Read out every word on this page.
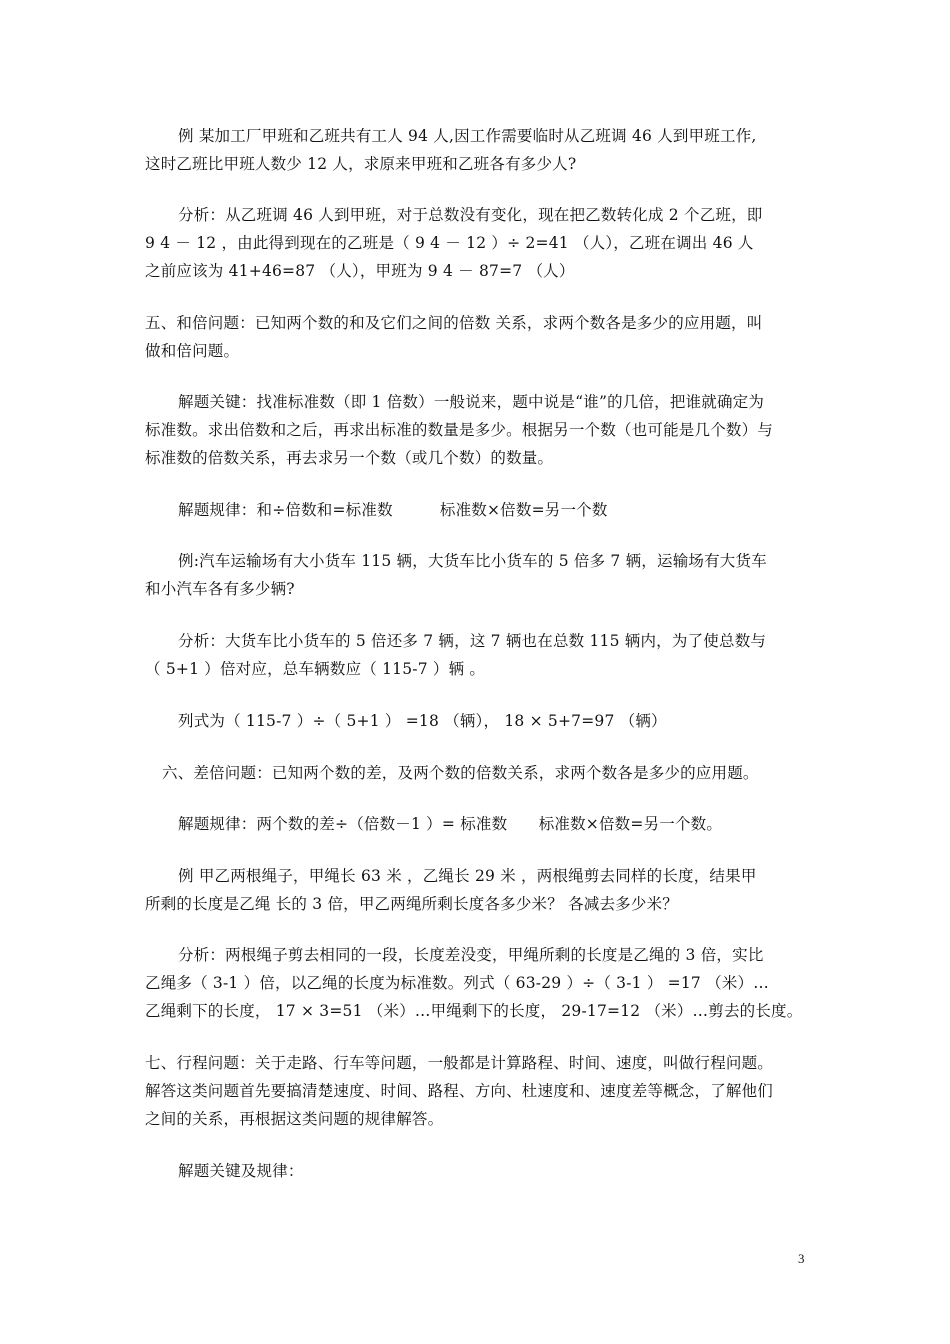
例 某加工厂甲班和乙班共有工人 94 人,因工作需要临时从乙班调 46 人到甲班工作,
这时乙班比甲班人数少 12 人，求原来甲班和乙班各有多少人?
分析：从乙班调 46 人到甲班，对于总数没有变化，现在把乙数转化成 2 个乙班，即
9 4 － 12 ，由此得到现在的乙班是（ 9 4 － 12 ）÷ 2=41 （人），乙班在调出 46 人
之前应该为 41+46=87 （人），甲班为 9 4 － 87=7 （人）
五、和倍问题：已知两个数的和及它们之间的倍数 关系，求两个数各是多少的应用题，叫
做和倍问题。
解题关键：找准标准数（即 1 倍数）一般说来，题中说是“谁”的几倍，把谁就确定为
标准数。求出倍数和之后，再求出标准的数量是多少。根据另一个数（也可能是几个数）与
标准数的倍数关系，再去求另一个数（或几个数）的数量。
解题规律：和÷倍数和=标准数　　　标准数×倍数=另一个数
例:汽车运输场有大小货车 115 辆，大货车比小货车的 5 倍多 7 辆，运输场有大货车
和小汽车各有多少辆?
分析：大货车比小货车的 5 倍还多 7 辆，这 7 辆也在总数 115 辆内，为了使总数与
（ 5+1 ）倍对应，总车辆数应（ 115-7 ）辆 。
列式为（ 115-7 ）÷（ 5+1 ） =18 （辆）， 18 × 5+7=97 （辆）
六、差倍问题：已知两个数的差，及两个数的倍数关系，求两个数各是多少的应用题。
解题规律：两个数的差÷（倍数－1 ）= 标准数　　标准数×倍数=另一个数。
例 甲乙两根绳子，甲绳长 63 米 ，乙绳长 29 米 ，两根绳剪去同样的长度，结果甲
所剩的长度是乙绳 长的 3 倍，甲乙两绳所剩长度各多少米？ 各减去多少米？
分析：两根绳子剪去相同的一段，长度差没变，甲绳所剩的长度是乙绳的 3 倍，实比
乙绳多（ 3-1 ）倍，以乙绳的长度为标准数。列式（ 63-29 ）÷（ 3-1 ） =17 （米）…
乙绳剩下的长度， 17 × 3=51 （米）…甲绳剩下的长度， 29-17=12 （米）…剪去的长度。
七、行程问题：关于走路、行车等问题，一般都是计算路程、时间、速度，叫做行程问题。
解答这类问题首先要搞清楚速度、时间、路程、方向、杜速度和、速度差等概念，了解他们
之间的关系，再根据这类问题的规律解答。
解题关键及规律：
3
